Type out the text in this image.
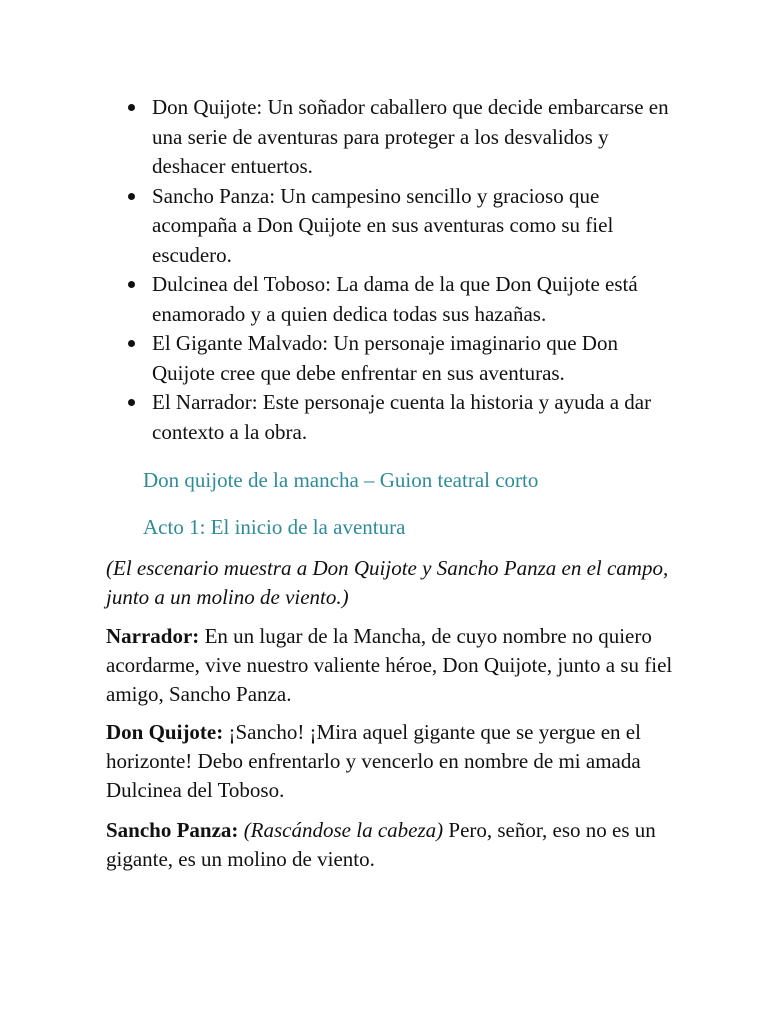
Don Quijote: Un soñador caballero que decide embarcarse en una serie de aventuras para proteger a los desvalidos y deshacer entuertos.
Sancho Panza: Un campesino sencillo y gracioso que acompaña a Don Quijote en sus aventuras como su fiel escudero.
Dulcinea del Toboso: La dama de la que Don Quijote está enamorado y a quien dedica todas sus hazañas.
El Gigante Malvado: Un personaje imaginario que Don Quijote cree que debe enfrentar en sus aventuras.
El Narrador: Este personaje cuenta la historia y ayuda a dar contexto a la obra.
Don quijote de la mancha – Guion teatral corto
Acto 1: El inicio de la aventura

(El escenario muestra a Don Quijote y Sancho Panza en el campo, junto a un molino de viento.)

Narrador: En un lugar de la Mancha, de cuyo nombre no quiero acordarme, vive nuestro valiente héroe, Don Quijote, junto a su fiel amigo, Sancho Panza.

Don Quijote: ¡Sancho! ¡Mira aquel gigante que se yergue en el horizonte! Debo enfrentarlo y vencerlo en nombre de mi amada Dulcinea del Toboso.

Sancho Panza: (Rascándose la cabeza) Pero, señor, eso no es un gigante, es un molino de viento.
